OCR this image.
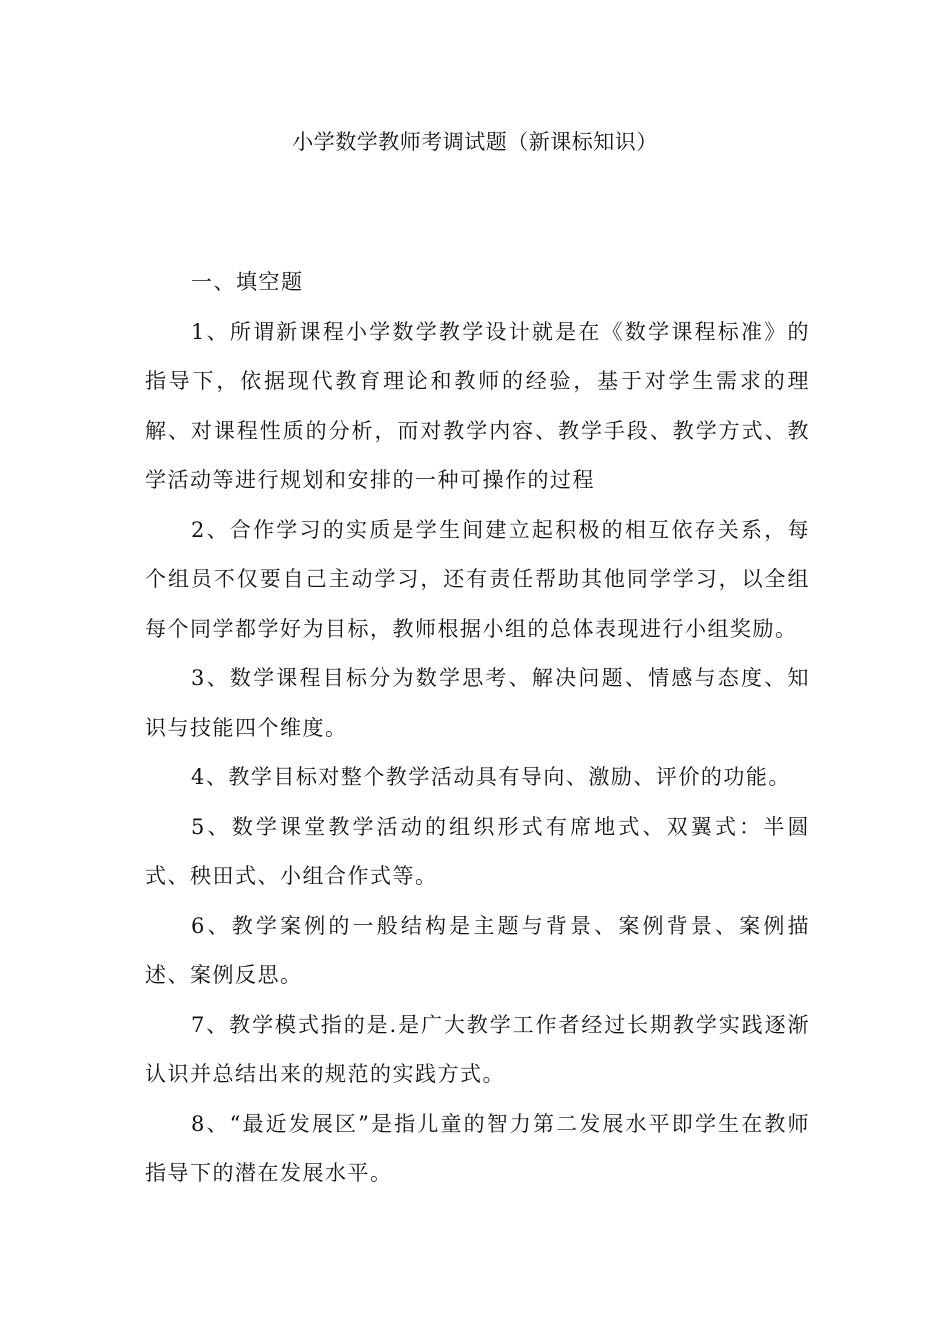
小学数学教师考调试题（新课标知识）

一、填空题

1、所谓新课程小学数学教学设计就是在《数学课程标准》的指导下，依据现代教育理论和教师的经验，基于对学生需求的理解、对课程性质的分析，而对教学内容、教学手段、教学方式、教学活动等进行规划和安排的一种可操作的过程

2、合作学习的实质是学生间建立起积极的相互依存关系，每个组员不仅要自己主动学习，还有责任帮助其他同学学习，以全组每个同学都学好为目标，教师根据小组的总体表现进行小组奖励。

3、数学课程目标分为数学思考、解决问题、情感与态度、知识与技能四个维度。

4、教学目标对整个教学活动具有导向、激励、评价的功能。

5、数学课堂教学活动的组织形式有席地式、双翼式：半圆式、秧田式、小组合作式等。

6、教学案例的一般结构是主题与背景、案例背景、案例描述、案例反思。

7、教学模式指的是.是广大教学工作者经过长期教学实践逐渐认识并总结出来的规范的实践方式。

8、“最近发展区”是指儿童的智力第二发展水平即学生在教师指导下的潜在发展水平。
